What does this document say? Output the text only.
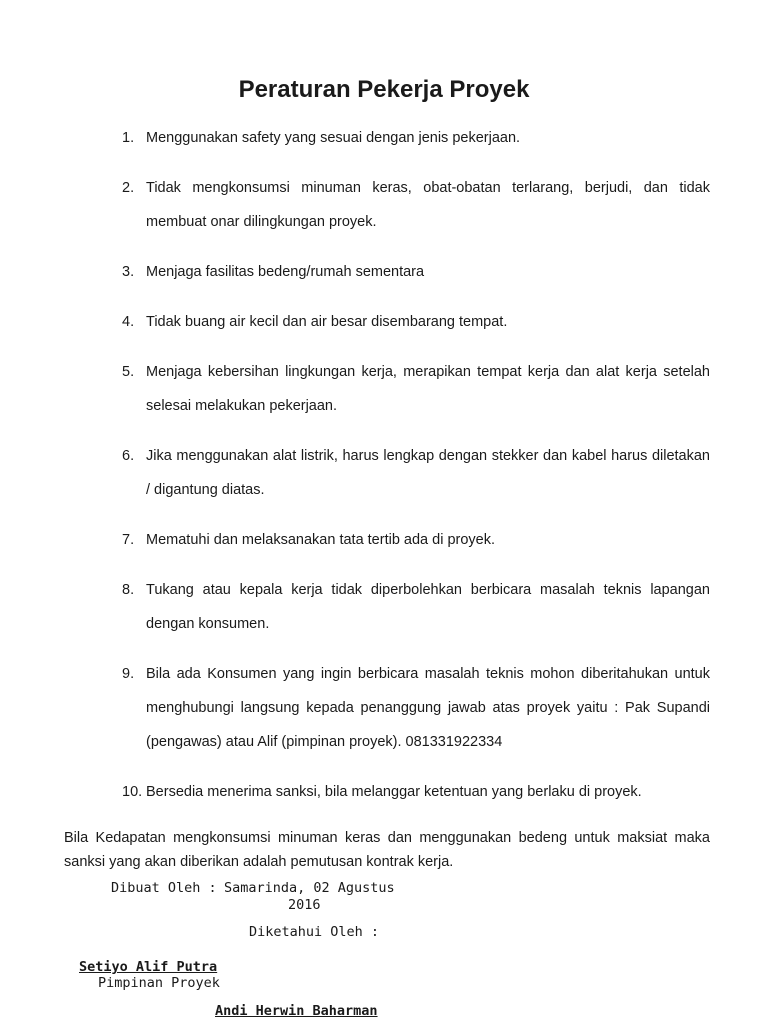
Peraturan Pekerja Proyek
1. Menggunakan safety yang sesuai dengan jenis pekerjaan.
2. Tidak mengkonsumsi minuman keras, obat-obatan terlarang, berjudi, dan tidak membuat onar dilingkungan proyek.
3. Menjaga fasilitas bedeng/rumah sementara
4. Tidak buang air kecil dan air besar disembarang tempat.
5. Menjaga kebersihan lingkungan kerja, merapikan tempat kerja dan alat kerja setelah selesai melakukan pekerjaan.
6. Jika menggunakan alat listrik, harus lengkap dengan stekker dan kabel harus diletakan / digantung diatas.
7. Mematuhi dan melaksanakan tata tertib ada di proyek.
8. Tukang atau kepala kerja tidak diperbolehkan berbicara masalah teknis lapangan dengan konsumen.
9. Bila ada Konsumen yang ingin berbicara masalah teknis mohon diberitahukan untuk menghubungi langsung kepada penanggung jawab atas proyek yaitu : Pak Supandi (pengawas) atau Alif (pimpinan proyek). 081331922334
10. Bersedia menerima sanksi, bila melanggar ketentuan yang berlaku di proyek.
Bila Kedapatan mengkonsumsi minuman keras dan menggunakan bedeng untuk maksiat maka sanksi yang akan diberikan adalah pemutusan kontrak kerja.
Dibuat Oleh : Samarinda, 02 Agustus
2016
Diketahui Oleh :
Setiyo Alif Putra
Pimpinan Proyek
Andi Herwin Baharman
